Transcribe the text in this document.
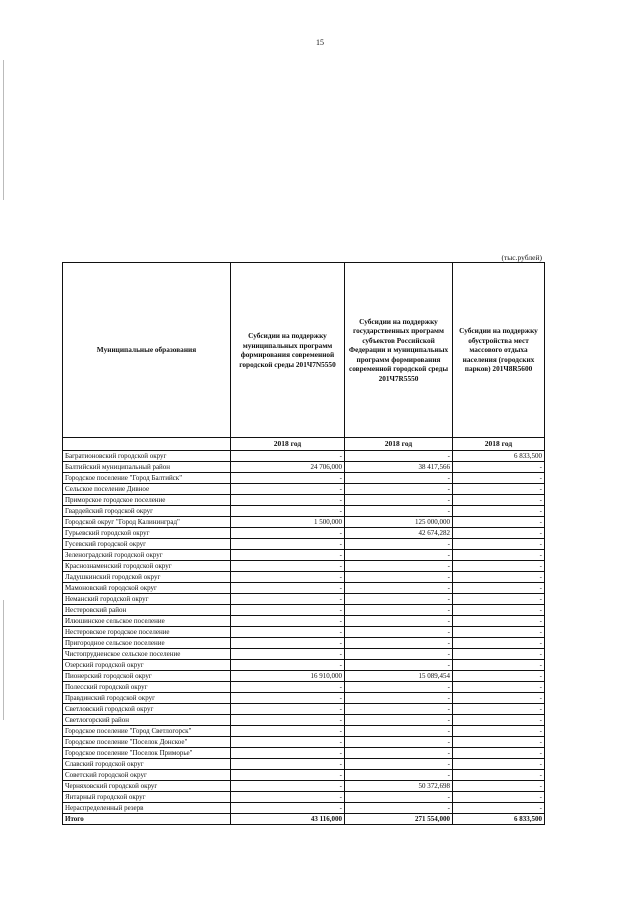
15
(тыс.рублей)
Муниципальные образования	Субсидии на поддержку муниципальных программ формирования современной городской среды 201Ч7N5550	Субсидии на поддержку государственных программ субъектов Российской Федерации и муниципальных программ формирования современной городской среды 201Ч7R5550	Субсидии на поддержку обустройства мест массового отдыха населения (городских парков) 201Ч8R5600
	2018 год	2018 год	2018 год
Багратионовский городской округ	-	-	6 833,500
Балтийский муниципальный район	24 706,000	38 417,566	-
Городское поселение "Город Балтийск"	-	-	-
Сельское поселение Дивное	-	-	-
Приморское городское поселение	-	-	-
Гвардейский городской округ	-	-	-
Городской округ "Город Калининград"	1 500,000	125 000,000	-
Гурьевский городской округ	-	42 674,282	-
Гусевский городской округ	-	-	-
Зеленоградский городской округ	-	-	-
Краснознаменский городской округ	-	-	-
Ладушкинский городской округ	-	-	-
Мамоновский городской округ	-	-	-
Неманский городской округ	-	-	-
Нестеровский район	-	-	-
Илюшинское сельское поселение	-	-	-
Нестеровское городское поселение	-	-	-
Пригородное сельское поселение	-	-	-
Чистопрудненское сельское поселение	-	-	-
Озерский городской округ	-	-	-
Пионерский городской округ	16 910,000	15 089,454	-
Полесский городской округ	-	-	-
Правдинский городской округ	-	-	-
Светловский городской округ	-	-	-
Светлогорский район	-	-	-
Городское поселение "Город Светлогорск"	-	-	-
Городское поселение "Поселок Донское"	-	-	-
Городское поселение "Поселок Приморье"	-	-	-
Славский городской округ	-	-	-
Советский городской округ	-	-	-
Черняховский городской округ	-	50 372,698	-
Янтарный городской округ	-	-	-
Нераспределенный резерв	-	-	-
Итого	43 116,000	271 554,000	6 833,500
